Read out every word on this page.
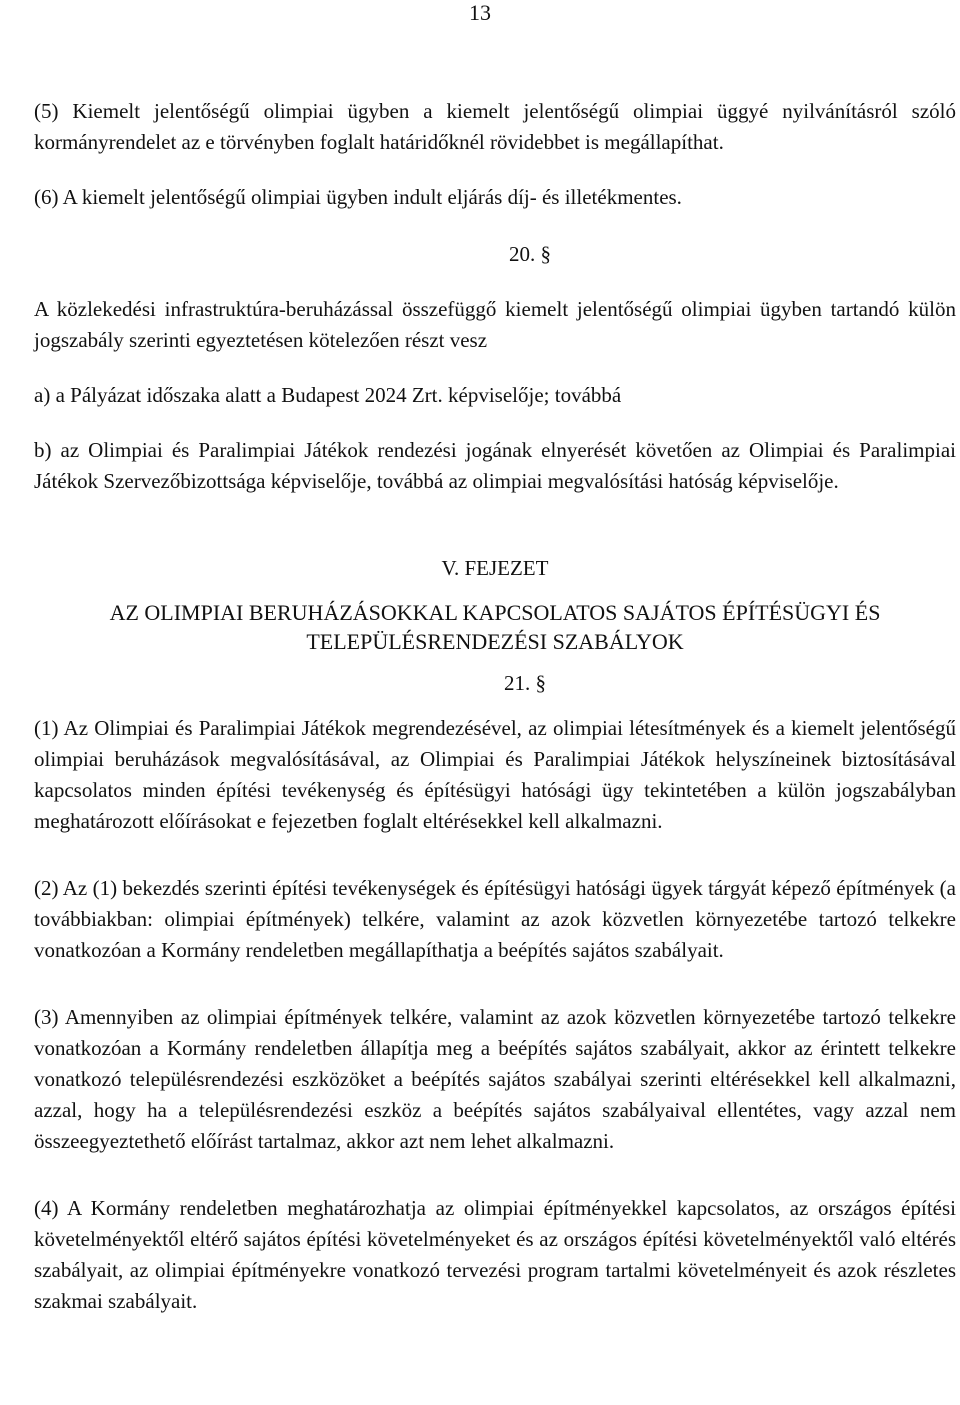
13

(5) Kiemelt jelentőségű olimpiai ügyben a kiemelt jelentőségű olimpiai üggyé nyilvánításról szóló kormányrendelet az e törvényben foglalt határidőknél rövidebbet is megállapíthat.

(6) A kiemelt jelentőségű olimpiai ügyben indult eljárás díj- és illetékmentes.

20. §

A közlekedési infrastruktúra-beruházással összefüggő kiemelt jelentőségű olimpiai ügyben tartandó külön jogszabály szerinti egyeztetésen kötelezően részt vesz

a) a Pályázat időszaka alatt a Budapest 2024 Zrt. képviselője; továbbá

b) az Olimpiai és Paralimpiai Játékok rendezési jogának elnyerését követően az Olimpiai és Paralimpiai Játékok Szervezőbizottsága képviselője, továbbá az olimpiai megvalósítási hatóság képviselője.

V. FEJEZET

AZ OLIMPIAI BERUHÁZÁSOKKAL KAPCSOLATOS SAJÁTOS ÉPÍTÉSÜGYI ÉS
TELEPÜLÉSRENDEZÉSI SZABÁLYOK

21. §

(1) Az Olimpiai és Paralimpiai Játékok megrendezésével, az olimpiai létesítmények és a kiemelt jelentőségű olimpiai beruházások megvalósításával, az Olimpiai és Paralimpiai Játékok helyszíneinek biztosításával kapcsolatos minden építési tevékenység és építésügyi hatósági ügy tekintetében a külön jogszabályban meghatározott előírásokat e fejezetben foglalt eltérésekkel kell alkalmazni.

(2) Az (1) bekezdés szerinti építési tevékenységek és építésügyi hatósági ügyek tárgyát képező építmények (a továbbiakban: olimpiai építmények) telkére, valamint az azok közvetlen környezetébe tartozó telkekre vonatkozóan a Kormány rendeletben megállapíthatja a beépítés sajátos szabályait.

(3) Amennyiben az olimpiai építmények telkére, valamint az azok közvetlen környezetébe tartozó telkekre vonatkozóan a Kormány rendeletben állapítja meg a beépítés sajátos szabályait, akkor az érintett telkekre vonatkozó településrendezési eszközöket a beépítés sajátos szabályai szerinti eltérésekkel kell alkalmazni, azzal, hogy ha a településrendezési eszköz a beépítés sajátos szabályaival ellentétes, vagy azzal nem összeegyeztethető előírást tartalmaz, akkor azt nem lehet alkalmazni.

(4) A Kormány rendeletben meghatározhatja az olimpiai építményekkel kapcsolatos, az országos építési követelményektől eltérő sajátos építési követelményeket és az országos építési követelményektől való eltérés szabályait, az olimpiai építményekre vonatkozó tervezési program tartalmi követelményeit és azok részletes szakmai szabályait.
